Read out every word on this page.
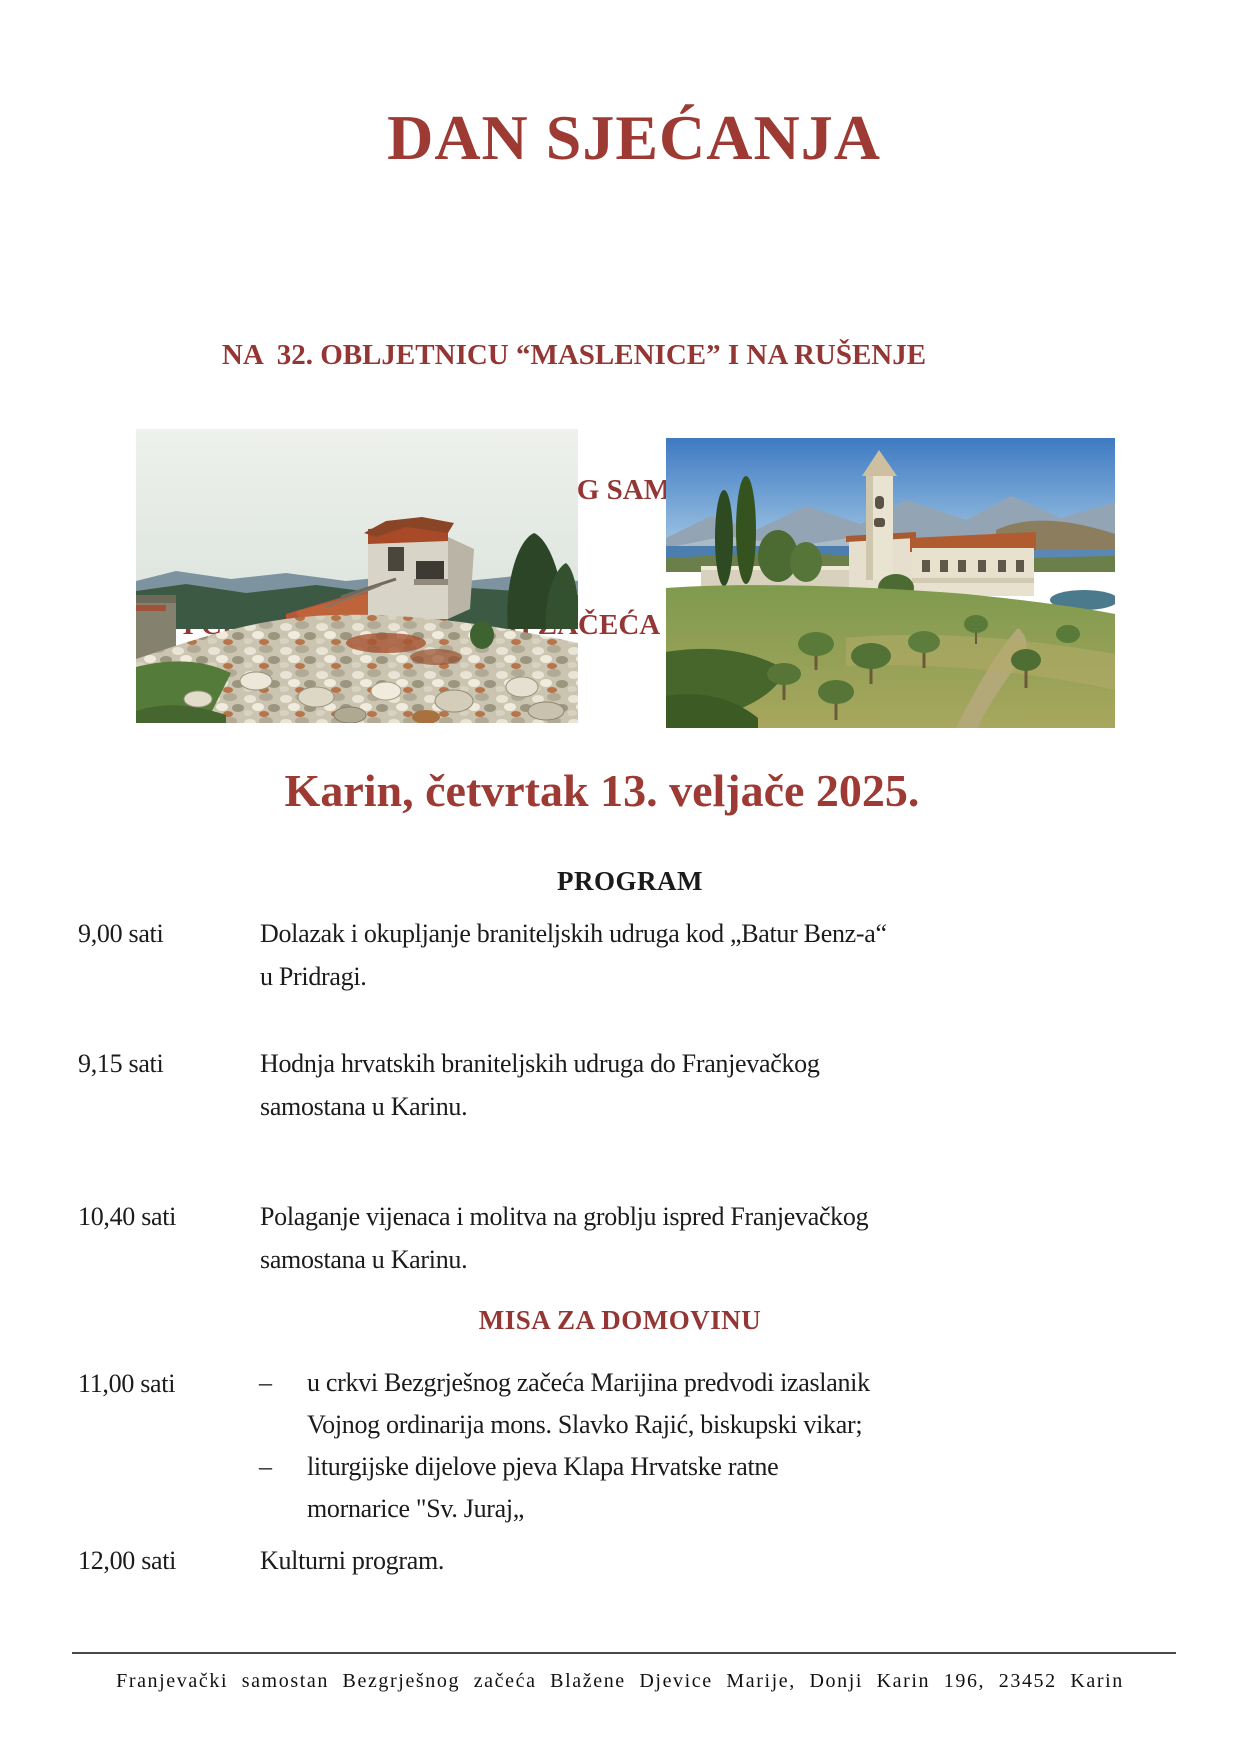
DAN SJEĆANJA

NA  32. OBLJETNICU “MASLENICE” I NA RUŠENJE

ZAČEĆA

Karin, četvrtak 13. veljače 2025.
PROGRAM
9,00 sati	Dolazak i okupljanje braniteljskih udruga kod „Batur Benz-a“
u Pridragi.
9,15 sati	Hodnja hrvatskih braniteljskih udruga do Franjevačkog
samostana u Karinu.
10,40 sati	Polaganje vijenaca i molitva na groblju ispred Franjevačkog
samostana u Karinu.
MISA ZA DOMOVINU
11,00 sati	– u crkvi Bezgrješnog začeća Marijina predvodi izaslanik
Vojnog ordinarija mons. Slavko Rajić, biskupski vikar;
– liturgijske dijelove pjeva Klapa Hrvatske ratne
mornarice "Sv. Juraj„
12,00 sati	Kulturni program.
Franjevački samostan Bezgrješnog začeća Blažene Djevice Marije, Donji Karin 196, 23452 Karin
